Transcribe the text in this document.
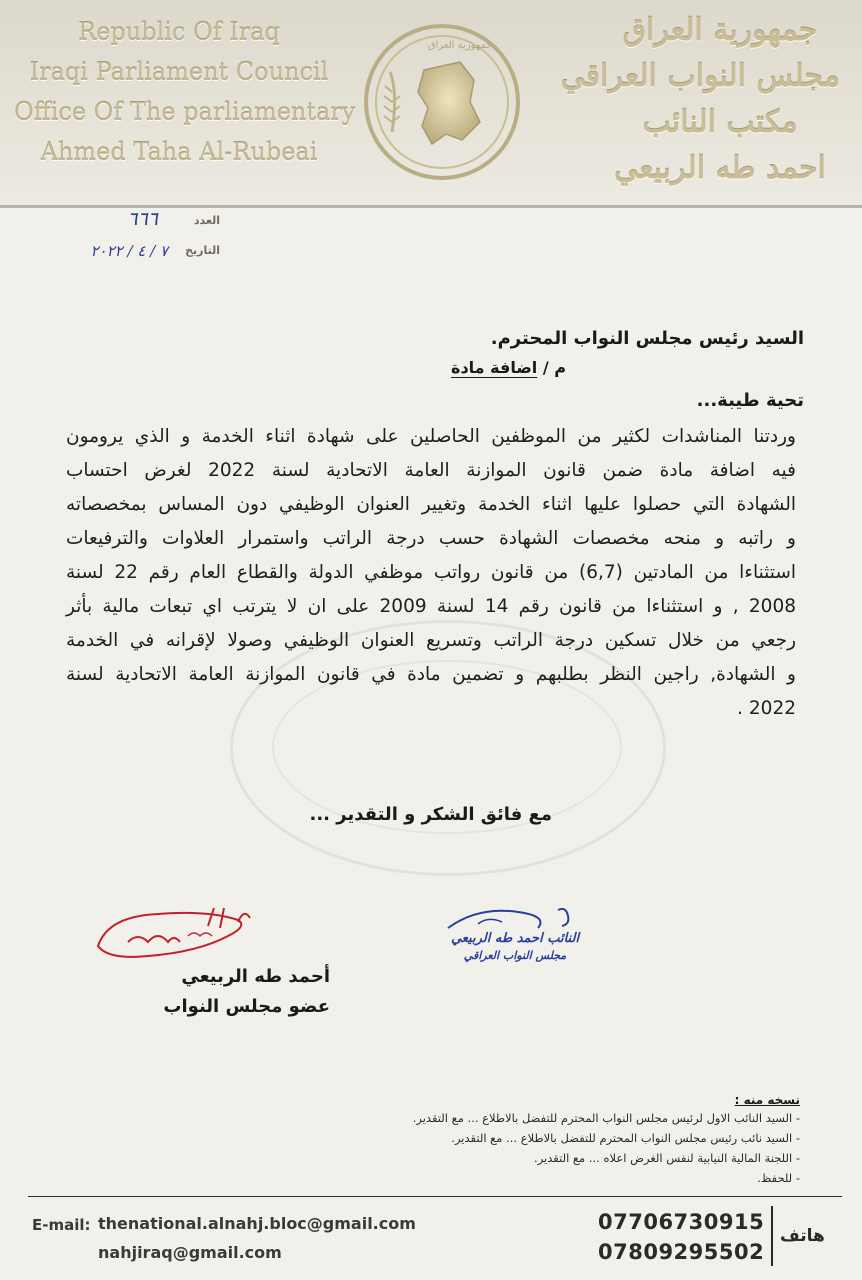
Republic Of Iraq
Iraqi Parliament Council
Office Of The parliamentary
Ahmed Taha Al-Rubeai
جمهورية العراق
مجلس النواب العراقي
مكتب النائب
احمد طه الربيعي
جمهورية العراق
العدد
٦٦٦
التاريخ
٧ / ٤ / ٢٠٢٢
السيد رئيس مجلس النواب المحترم.
م / اضافة مادة
تحية طيبة...
وردتنا المناشدات لكثير من الموظفين الحاصلين على شهادة اثناء الخدمة و الذي يرومون
فيه اضافة مادة ضمن قانون الموازنة العامة الاتحادية لسنة 2022 لغرض احتساب
الشهادة التي حصلوا عليها اثناء الخدمة وتغيير العنوان الوظيفي دون المساس بمخصصاته
و راتبه و منحه مخصصات الشهادة حسب درجة الراتب واستمرار العلاوات والترفيعات
استثناءا من المادتين (6,7) من قانون رواتب موظفي الدولة والقطاع العام رقم 22 لسنة
2008 , و استثناءا من قانون رقم 14 لسنة 2009 على ان لا يترتب اي تبعات مالية بأثر
رجعي من خلال تسكين درجة الراتب وتسريع العنوان الوظيفي وصولا لإقرانه في الخدمة
و الشهادة, راجين النظر بطلبهم و تضمين مادة في قانون الموازنة العامة الاتحادية لسنة
2022 .
مع فائق الشكر و التقدير ...
النائب احمد طه الربيعي
مجلس النواب العراقي
أحمد طه الربيعي
عضو مجلس النواب
نسخه منه :
- السيد النائب الاول لرئيس مجلس النواب المحترم للتفضل بالاطلاع ... مع التقدير.
- السيد نائب رئيس مجلس النواب المحترم للتفضل بالاطلاع ... مع التقدير.
- اللجنة المالية النيابية لنفس الغرض اعلاه ... مع التقدير.
- للحفظ.
E-mail: thenational.alnahj.bloc@gmail.com
nahjiraq@gmail.com
07706730915
07809295502
هاتف
